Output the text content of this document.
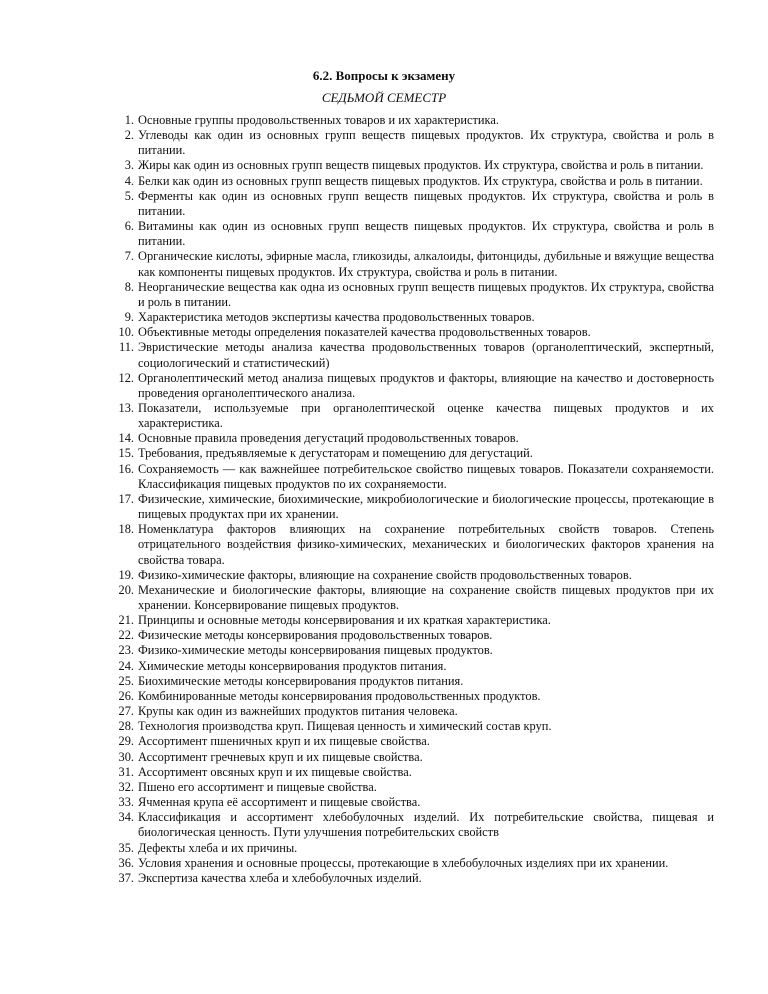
6.2. Вопросы к экзамену
СЕДЬМОЙ СЕМЕСТР
1. Основные группы продовольственных товаров и их характеристика.
2. Углеводы как один из основных групп веществ пищевых продуктов. Их структура, свойства и роль в питании.
3. Жиры как один из основных групп веществ пищевых продуктов. Их структура, свойства и роль в питании.
4. Белки как один из основных групп веществ пищевых продуктов. Их структура, свойства и роль в питании.
5. Ферменты как один из основных групп веществ пищевых продуктов. Их структура, свойства и роль в питании.
6. Витамины как один из основных групп веществ пищевых продуктов. Их структура, свойства и роль в питании.
7. Органические кислоты, эфирные масла, гликозиды, алкалоиды, фитонциды, дубильные и вяжущие вещества как компоненты пищевых продуктов. Их структура, свойства и роль в питании.
8. Неорганические вещества как одна из основных групп веществ пищевых продуктов. Их структура, свойства и роль в питании.
9. Характеристика методов экспертизы качества продовольственных товаров.
10. Объективные методы определения показателей качества продовольственных товаров.
11. Эвристические методы анализа качества продовольственных товаров (органолептический, экспертный, социологический и статистический)
12. Органолептический метод анализа пищевых продуктов и факторы, влияющие на качество и достоверность проведения органолептического анализа.
13. Показатели, используемые при органолептической оценке качества пищевых продуктов и их характеристика.
14. Основные правила проведения дегустаций продовольственных товаров.
15. Требования, предъявляемые к дегустаторам и помещению для дегустаций.
16. Сохраняемость — как важнейшее потребительское свойство пищевых товаров. Показатели сохраняемости. Классификация пищевых продуктов по их сохраняемости.
17. Физические, химические, биохимические, микробиологические и биологические процессы, протекающие в пищевых продуктах при их хранении.
18. Номенклатура факторов влияющих на сохранение потребительных свойств товаров. Степень отрицательного воздействия физико-химических, механических и биологических факторов хранения на свойства товара.
19. Физико-химические факторы, влияющие на сохранение свойств продовольственных товаров.
20. Механические и биологические факторы, влияющие на сохранение свойств пищевых продуктов при их хранении. Консервирование пищевых продуктов.
21. Принципы и основные методы консервирования и их краткая характеристика.
22. Физические методы консервирования продовольственных товаров.
23. Физико-химические методы консервирования пищевых продуктов.
24. Химические методы консервирования продуктов питания.
25. Биохимические методы консервирования продуктов питания.
26. Комбинированные методы консервирования продовольственных продуктов.
27. Крупы как один из важнейших продуктов питания человека.
28. Технология производства круп. Пищевая ценность и химический состав круп.
29. Ассортимент пшеничных круп и их пищевые свойства.
30. Ассортимент гречневых круп и их пищевые свойства.
31. Ассортимент овсяных круп и их пищевые свойства.
32. Пшено его ассортимент и пищевые свойства.
33. Ячменная крупа её ассортимент и пищевые свойства.
34. Классификация и ассортимент хлебобулочных изделий. Их потребительские свойства, пищевая и биологическая ценность. Пути улучшения потребительских свойств
35. Дефекты хлеба и их причины.
36. Условия хранения и основные процессы, протекающие в хлебобулочных изделиях при их хранении.
37. Экспертиза качества хлеба и хлебобулочных изделий.
